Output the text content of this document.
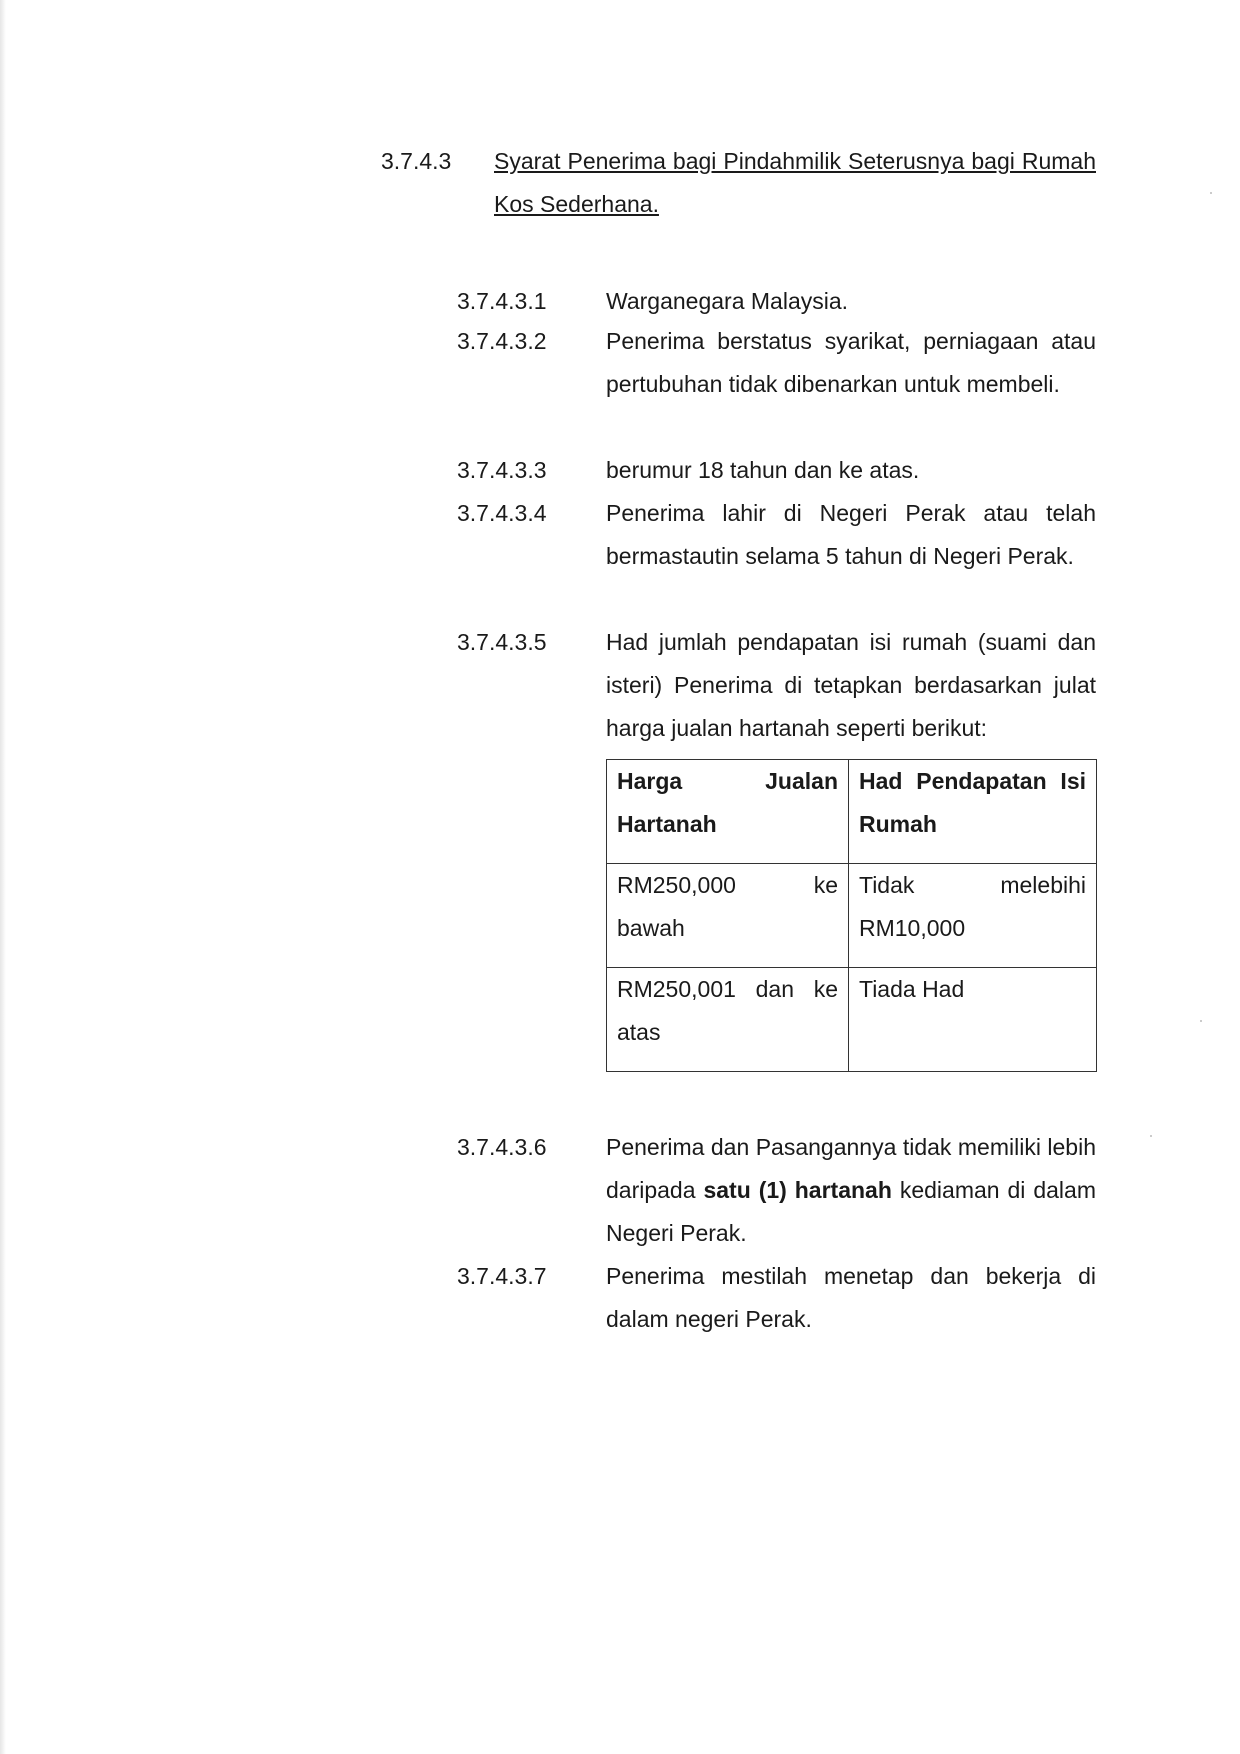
3.7.4.3 Syarat Penerima bagi Pindahmilik Seterusnya bagi Rumah Kos Sederhana.
3.7.4.3.1	Warganegara Malaysia.
3.7.4.3.2	Penerima berstatus syarikat, perniagaan atau pertubuhan tidak dibenarkan untuk membeli.
3.7.4.3.3	berumur 18 tahun dan ke atas.
3.7.4.3.4	Penerima lahir di Negeri Perak atau telah bermastautin selama 5 tahun di Negeri Perak.
3.7.4.3.5	Had jumlah pendapatan isi rumah (suami dan isteri) Penerima di tetapkan berdasarkan julat harga jualan hartanah seperti berikut:
Harga Jualan Hartanah	Had Pendapatan Isi Rumah
RM250,000 ke bawah	Tidak melebihi RM10,000
RM250,001 dan ke atas	Tiada Had
3.7.4.3.6	Penerima dan Pasangannya tidak memiliki lebih daripada satu (1) hartanah kediaman di dalam Negeri Perak.
3.7.4.3.7	Penerima mestilah menetap dan bekerja di dalam negeri Perak.
